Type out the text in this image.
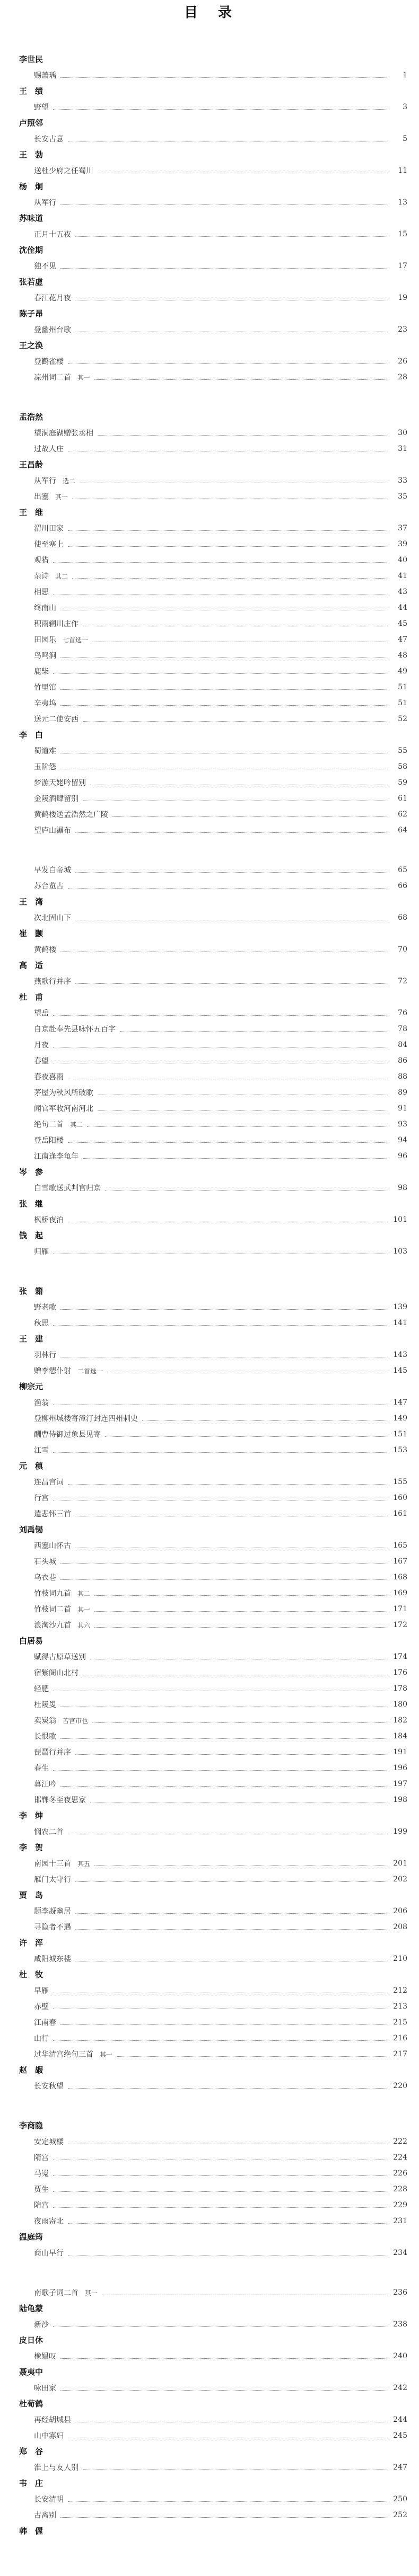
目　录
李世民
赐萧瑀	1
王　绩
野望	3
卢照邻
长安古意	5
王　勃
送杜少府之任蜀川	11
杨　炯
从军行	13
苏味道
正月十五夜	15
沈佺期
独不见	17
张若虚
春江花月夜	19
陈子昂
登幽州台歌	23
王之涣
登鹳雀楼	26
凉州词二首 其一	28
孟浩然
望洞庭湖赠张丞相	30
过故人庄	31
王昌龄
从军行 选二	33
出塞 其一	35
王　维
渭川田家	37
使至塞上	39
观猎	40
杂诗 其二	41
相思	43
终南山	44
积雨辋川庄作	45
田园乐 七首选一	47
鸟鸣涧	48
鹿柴	49
竹里馆	51
辛夷坞	51
送元二使安西	52
李　白
蜀道难	55
玉阶怨	58
梦游天姥吟留别	59
金陵酒肆留别	61
黄鹤楼送孟浩然之广陵	62
望庐山瀑布	64
早发白帝城	65
苏台览古	66
王　湾
次北固山下	68
崔　颢
黄鹤楼	70
高　适
燕歌行并序	72
杜　甫
望岳	76
自京赴奉先县咏怀五百字	78
月夜	84
春望	86
春夜喜雨	88
茅屋为秋风所破歌	89
闻官军收河南河北	91
绝句二首 其二	93
登岳阳楼	94
江南逢李龟年	96
岑　参
白雪歌送武判官归京	98
张　继
枫桥夜泊	101
钱　起
归雁	103
张　籍
野老歌	139
秋思	141
王　建
羽林行	143
赠李愬仆射 二首选一	145
柳宗元
渔翁	147
登柳州城楼寄漳汀封连四州刺史	149
酬曹侍御过象县见寄	151
江雪	153
元　稹
连昌宫词	155
行宫	160
遣悲怀三首	161
刘禹锡
西塞山怀古	165
石头城	167
乌衣巷	168
竹枝词九首 其二	169
竹枝词二首 其一	171
浪淘沙九首 其六	172
白居易
赋得古原草送别	174
宿紫阁山北村	176
轻肥	178
杜陵叟	180
卖炭翁 苦宫市也	182
长恨歌	184
琵琶行并序	191
春生	196
暮江吟	197
邯郸冬至夜思家	198
李　绅
悯农二首	199
李　贺
南园十三首 其五	201
雁门太守行	202
贾　岛
题李凝幽居	206
寻隐者不遇	208
许　浑
咸阳城东楼	210
杜　牧
早雁	212
赤壁	213
江南春	215
山行	216
过华清宫绝句三首 其一	217
赵　嘏
长安秋望	220
李商隐
安定城楼	222
隋宫	224
马嵬	226
贾生	228
隋宫	229
夜雨寄北	231
温庭筠
商山早行	234
南歌子词二首 其一	236
陆龟蒙
新沙	238
皮日休
橡媪叹	240
聂夷中
咏田家	242
杜荀鹤
再经胡城县	244
山中寡妇	245
郑　谷
淮上与友人别	247
韦　庄
长安清明	250
古离别	252
韩　偓
